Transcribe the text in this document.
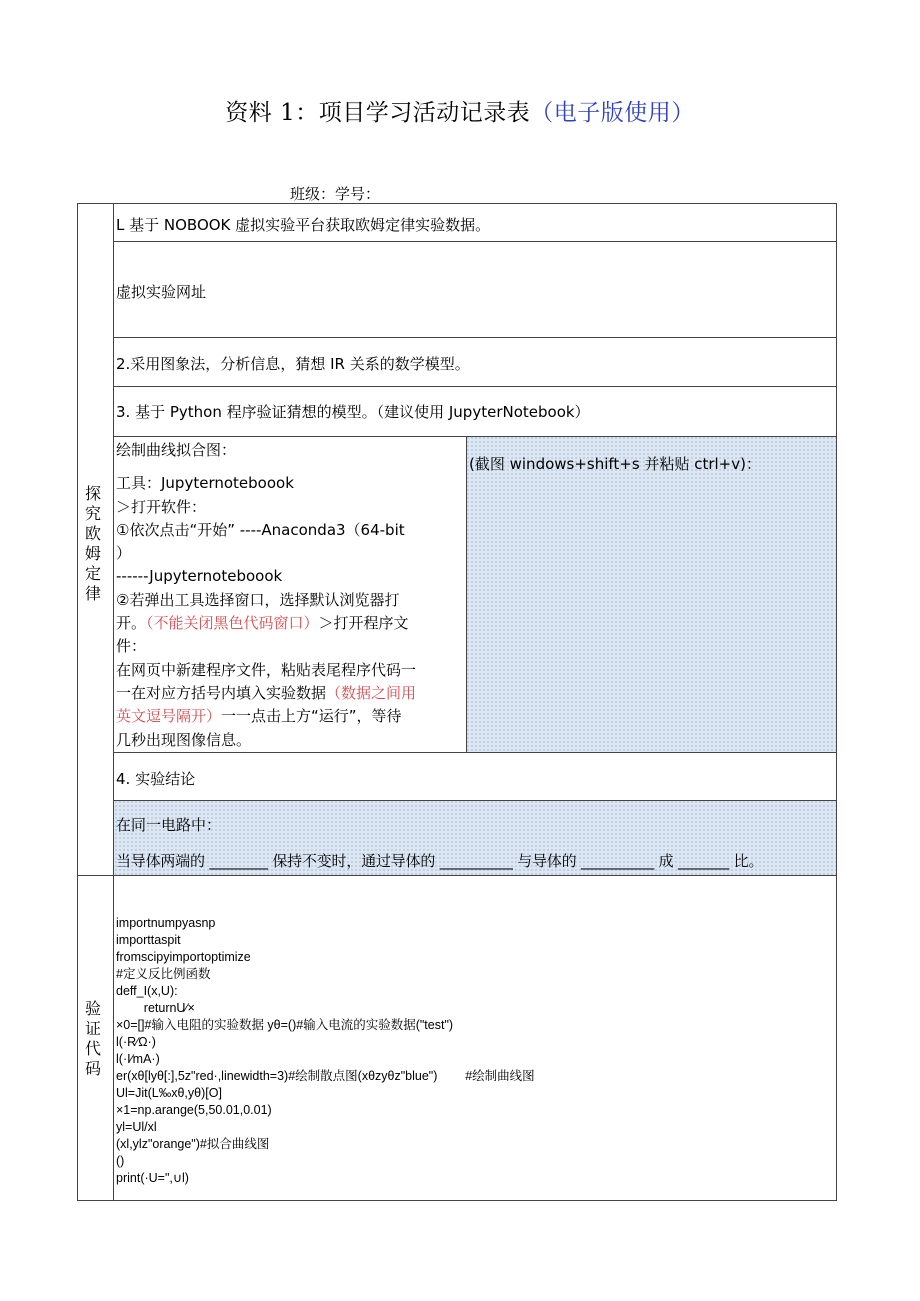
资料 1：项目学习活动记录表（电子版使用）
班级：学号：
探究欧姆定律
验证代码
L 基于 NOBOOK 虚拟实验平台获取欧姆定律实验数据。
虚拟实验网址
2.采用图象法，分析信息，猜想 IR 关系的数学模型。
3. 基于 Python 程序验证猜想的模型。（建议使用 JupyterNotebook）
绘制曲线拟合图：
工具：Jupyternoteboook
＞打开软件：
①依次点击“开始” ----Anaconda3（64-bit
）
------Jupyternoteboook
②若弹出工具选择窗口，选择默认浏览器打
开。（不能关闭黑色代码窗口）＞打开程序文
件：
在网页中新建程序文件，粘贴表尾程序代码一
一在对应方括号内填入实验数据（数据之间用
英文逗号隔开）一一点击上方“运行”，等待
几秒出现图像信息。
(截图 windows+shift+s 并粘贴 ctrl+v)：
4. 实验结论
在同一电路中：
当导体两端的 ________ 保持不变时，通过导体的 __________ 与导体的 __________ 成 _______ 比。
importnumpyasnp
importtaspit
fromscipyimportoptimize
#定义反比例函数
deff_I(x,U):
returnU∕×
×0=[]#输入电阻的实验数据 yθ=()#输入电流的实验数据("test")
l(·R∕Ω·)
l(·I∕mA·)
er(xθ[lyθ[:],5z"red·,linewidth=3)#绘制散点图(xθzyθz"blue")        #绘制曲线图
Ul=Jit(L‰xθ,yθ)[O]
×1=np.arange(5,50.01,0.01)
yl=Ul/xl
(xl,ylz"orange")#拟合曲线图
()
print(·U=",∪l)
